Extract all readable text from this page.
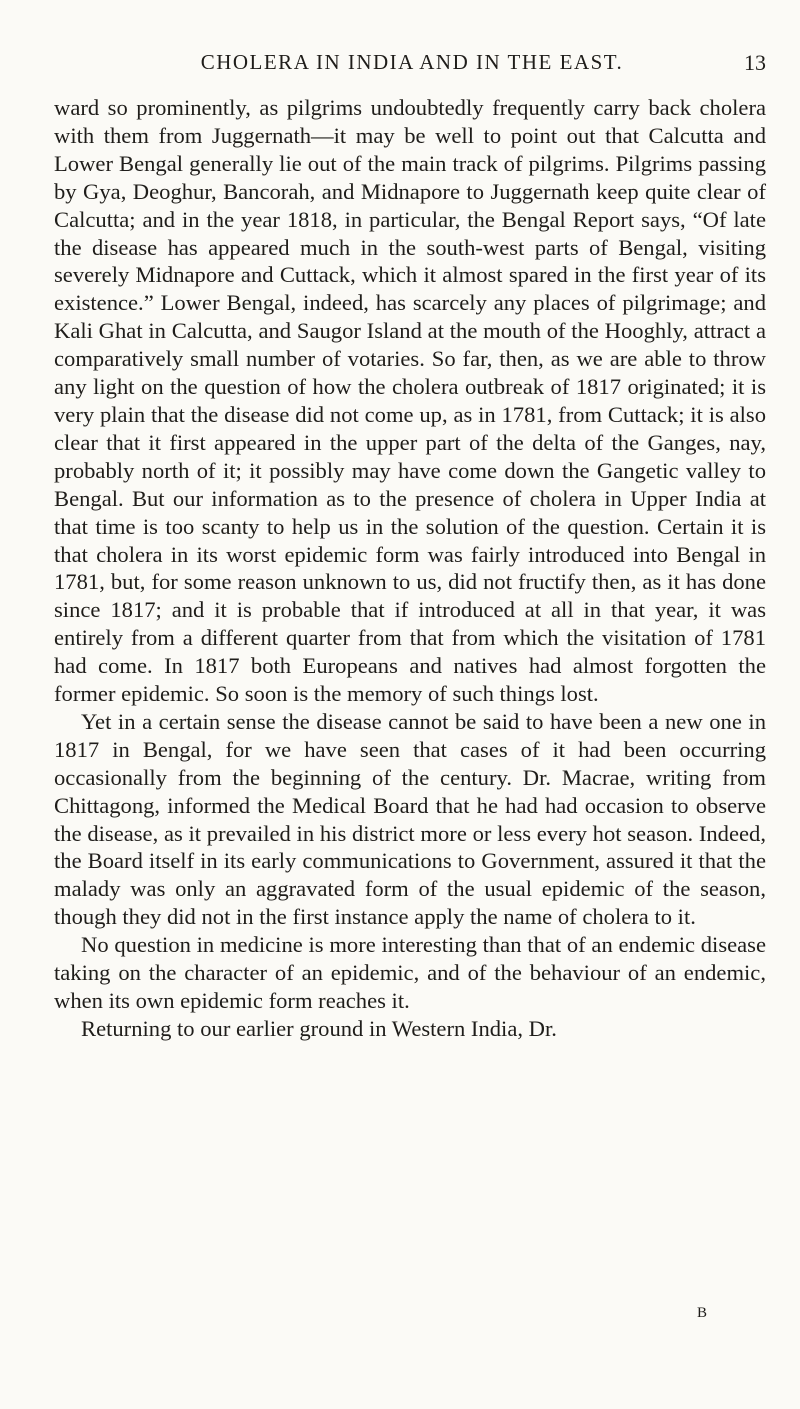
CHOLERA IN INDIA AND IN THE EAST.	13

ward so prominently, as pilgrims undoubtedly frequently carry back cholera with them from Juggernath—it may be well to point out that Calcutta and Lower Bengal generally lie out of the main track of pilgrims. Pilgrims passing by Gya, Deoghur, Bancorah, and Midnapore to Juggernath keep quite clear of Calcutta; and in the year 1818, in particular, the Bengal Report says, “Of late the disease has appeared much in the south-west parts of Bengal, visiting severely Midnapore and Cuttack, which it almost spared in the first year of its existence.” Lower Bengal, indeed, has scarcely any places of pilgrimage; and Kali Ghat in Calcutta, and Saugor Island at the mouth of the Hooghly, attract a comparatively small number of votaries. So far, then, as we are able to throw any light on the question of how the cholera outbreak of 1817 originated; it is very plain that the disease did not come up, as in 1781, from Cuttack; it is also clear that it first appeared in the upper part of the delta of the Ganges, nay, probably north of it; it possibly may have come down the Gangetic valley to Bengal. But our information as to the presence of cholera in Upper India at that time is too scanty to help us in the solution of the question. Certain it is that cholera in its worst epidemic form was fairly introduced into Bengal in 1781, but, for some reason unknown to us, did not fructify then, as it has done since 1817; and it is probable that if introduced at all in that year, it was entirely from a different quarter from that from which the visitation of 1781 had come. In 1817 both Europeans and natives had almost forgotten the former epidemic. So soon is the memory of such things lost.

Yet in a certain sense the disease cannot be said to have been a new one in 1817 in Bengal, for we have seen that cases of it had been occurring occasionally from the beginning of the century. Dr. Macrae, writing from Chittagong, informed the Medical Board that he had had occasion to observe the disease, as it prevailed in his district more or less every hot season. Indeed, the Board itself in its early communications to Government, assured it that the malady was only an aggravated form of the usual epidemic of the season, though they did not in the first instance apply the name of cholera to it.

No question in medicine is more interesting than that of an endemic disease taking on the character of an epidemic, and of the behaviour of an endemic, when its own epidemic form reaches it.

Returning to our earlier ground in Western India, Dr.

B
